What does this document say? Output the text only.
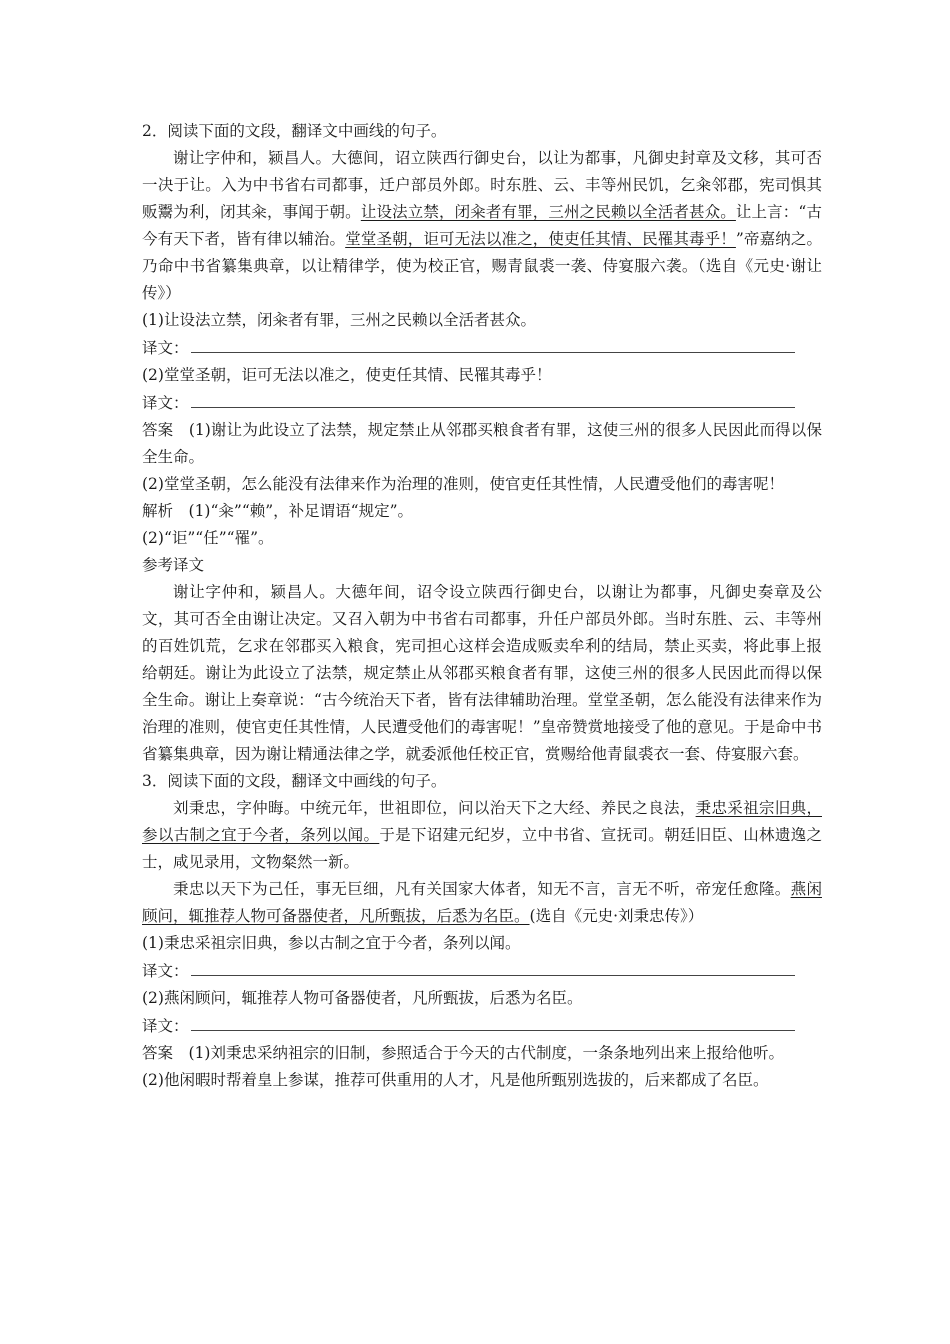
2．阅读下面的文段，翻译文中画线的句子。

谢让字仲和，颍昌人。大德间，诏立陕西行御史台，以让为都事，凡御史封章及文移，其可否一决于让。入为中书省右司都事，迁户部员外郎。时东胜、云、丰等州民饥，乞籴邻郡，宪司惧其贩鬻为利，闭其籴，事闻于朝。让设法立禁，闭籴者有罪，三州之民赖以全活者甚众。让上言：“古今有天下者，皆有律以辅治。堂堂圣朝，讵可无法以准之，使吏任其情、民罹其毒乎！”帝嘉纳之。乃命中书省纂集典章，以让精律学，使为校正官，赐青鼠裘一袭、侍宴服六袭。（选自《元史·谢让传》）

(1)让设法立禁，闭籴者有罪，三州之民赖以全活者甚众。

译文：

(2)堂堂圣朝，讵可无法以准之，使吏任其情、民罹其毒乎！

译文：

答案  (1)谢让为此设立了法禁，规定禁止从邻郡买粮食者有罪，这使三州的很多人民因此而得以保全生命。

(2)堂堂圣朝，怎么能没有法律来作为治理的准则，使官吏任其性情，人民遭受他们的毒害呢！

解析  (1)“籴”“赖”，补足谓语“规定”。

(2)“讵”“任”“罹”。

参考译文

谢让字仲和，颍昌人。大德年间，诏令设立陕西行御史台，以谢让为都事，凡御史奏章及公文，其可否全由谢让决定。又召入朝为中书省右司都事，升任户部员外郎。当时东胜、云、丰等州的百姓饥荒，乞求在邻郡买入粮食，宪司担心这样会造成贩卖牟利的结局，禁止买卖，将此事上报给朝廷。谢让为此设立了法禁，规定禁止从邻郡买粮食者有罪，这使三州的很多人民因此而得以保全生命。谢让上奏章说：“古今统治天下者，皆有法律辅助治理。堂堂圣朝，怎么能没有法律来作为治理的准则，使官吏任其性情，人民遭受他们的毒害呢！”皇帝赞赏地接受了他的意见。于是命中书省纂集典章，因为谢让精通法律之学，就委派他任校正官，赏赐给他青鼠裘衣一套、侍宴服六套。

3．阅读下面的文段，翻译文中画线的句子。

刘秉忠，字仲晦。中统元年，世祖即位，问以治天下之大经、养民之良法，秉忠采祖宗旧典，参以古制之宜于今者，条列以闻。于是下诏建元纪岁，立中书省、宣抚司。朝廷旧臣、山林遗逸之士，咸见录用，文物粲然一新。

秉忠以天下为己任，事无巨细，凡有关国家大体者，知无不言，言无不听，帝宠任愈隆。燕闲顾问，辄推荐人物可备器使者，凡所甄拔，后悉为名臣。(选自《元史·刘秉忠传》）

(1)秉忠采祖宗旧典，参以古制之宜于今者，条列以闻。

译文：

(2)燕闲顾问，辄推荐人物可备器使者，凡所甄拔，后悉为名臣。

译文：

答案  (1)刘秉忠采纳祖宗的旧制，参照适合于今天的古代制度，一条条地列出来上报给他听。

(2)他闲暇时帮着皇上参谋，推荐可供重用的人才，凡是他所甄别选拔的，后来都成了名臣。
